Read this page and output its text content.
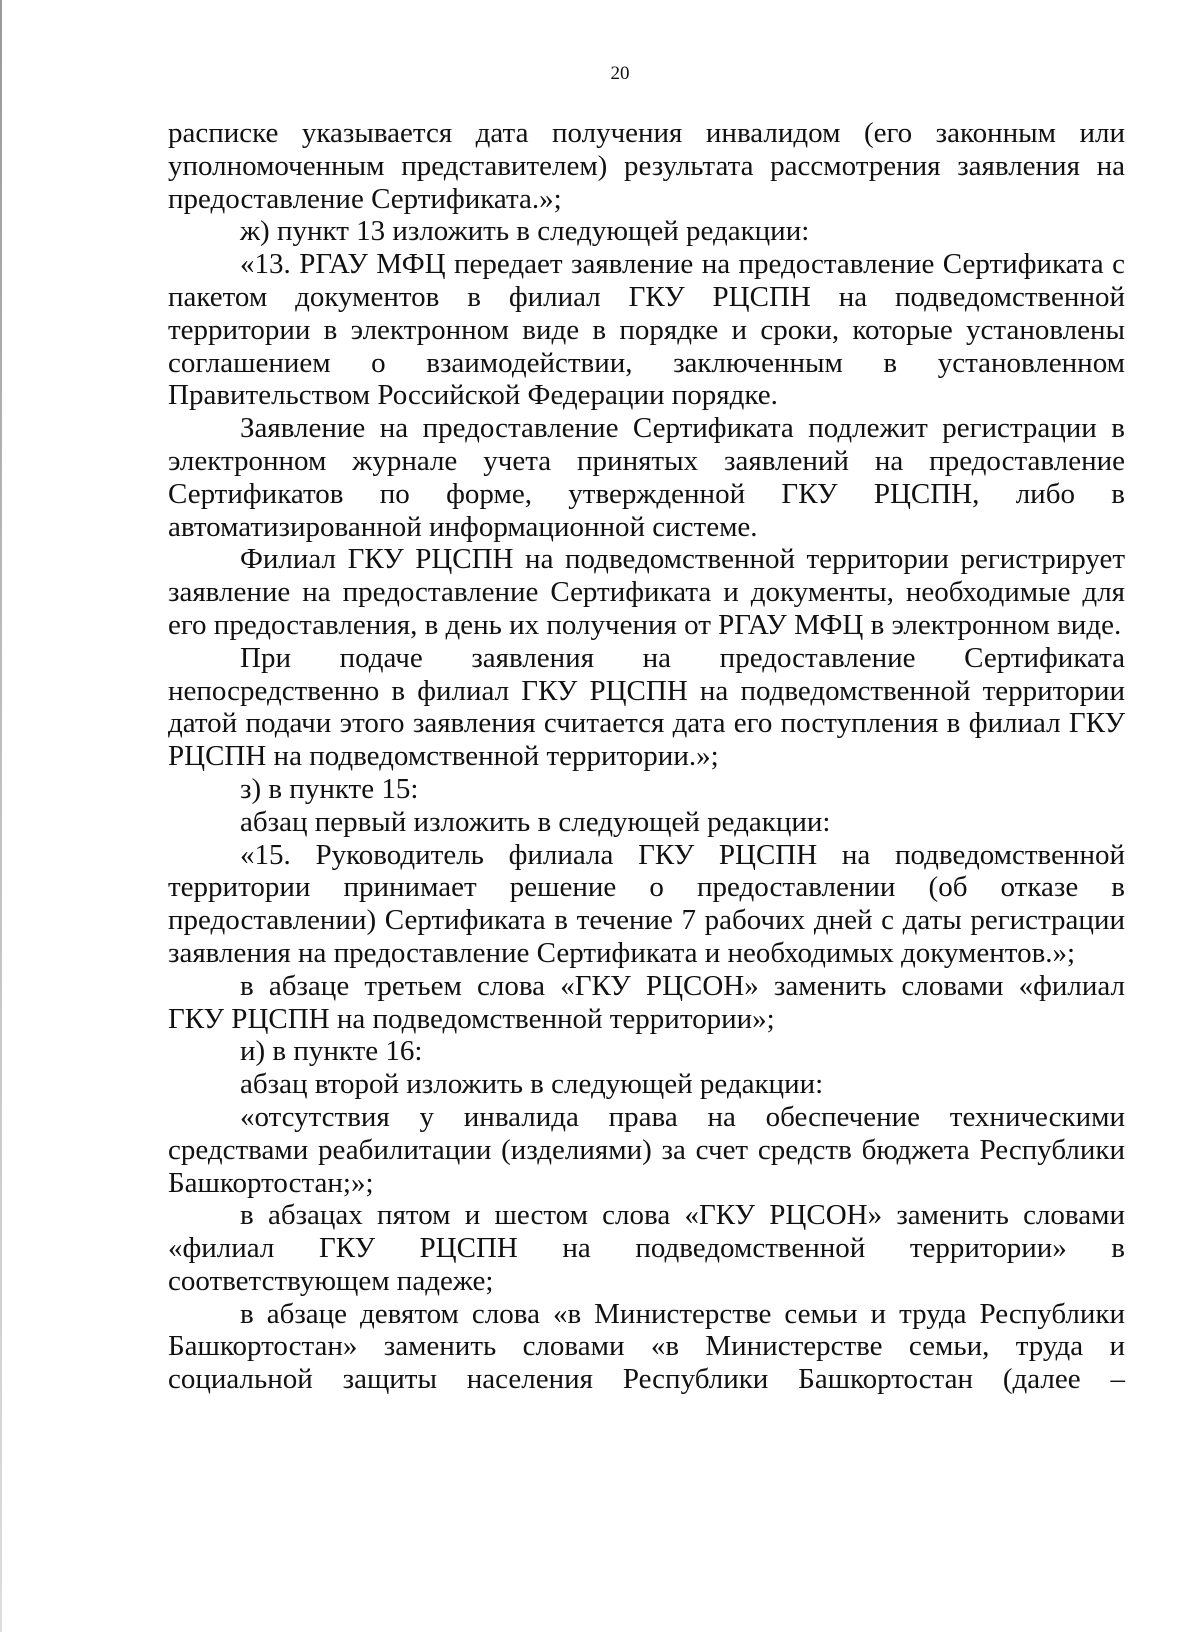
20

расписке указывается дата получения инвалидом (его законным или уполномоченным представителем) результата рассмотрения заявления на предоставление Сертификата.»;

ж) пункт 13 изложить в следующей редакции:

«13. РГАУ МФЦ передает заявление на предоставление Сертификата с пакетом документов в филиал ГКУ РЦСПН на подведомственной территории в электронном виде в порядке и сроки, которые установлены соглашением о взаимодействии, заключенным в установленном Правительством Российской Федерации порядке.

Заявление на предоставление Сертификата подлежит регистрации в электронном журнале учета принятых заявлений на предоставление Сертификатов по форме, утвержденной ГКУ РЦСПН, либо в автоматизированной информационной системе.

Филиал ГКУ РЦСПН на подведомственной территории регистрирует заявление на предоставление Сертификата и документы, необходимые для его предоставления, в день их получения от РГАУ МФЦ в электронном виде.

При подаче заявления на предоставление Сертификата непосредственно в филиал ГКУ РЦСПН на подведомственной территории датой подачи этого заявления считается дата его поступления в филиал ГКУ РЦСПН на подведомственной территории.»;

з) в пункте 15:

абзац первый изложить в следующей редакции:

«15. Руководитель филиала ГКУ РЦСПН на подведомственной территории принимает решение о предоставлении (об отказе в предоставлении) Сертификата в течение 7 рабочих дней с даты регистрации заявления на предоставление Сертификата и необходимых документов.»;

в абзаце третьем слова «ГКУ РЦСОН» заменить словами «филиал ГКУ РЦСПН на подведомственной территории»;

и) в пункте 16:

абзац второй изложить в следующей редакции:

«отсутствия у инвалида права на обеспечение техническими средствами реабилитации (изделиями) за счет средств бюджета Республики Башкортостан;»;

в абзацах пятом и шестом слова «ГКУ РЦСОН» заменить словами «филиал ГКУ РЦСПН на подведомственной территории» в соответствующем падеже;

в абзаце девятом слова «в Министерстве семьи и труда Республики Башкортостан» заменить словами «в Министерстве семьи, труда и социальной защиты населения Республики Башкортостан (далее –
